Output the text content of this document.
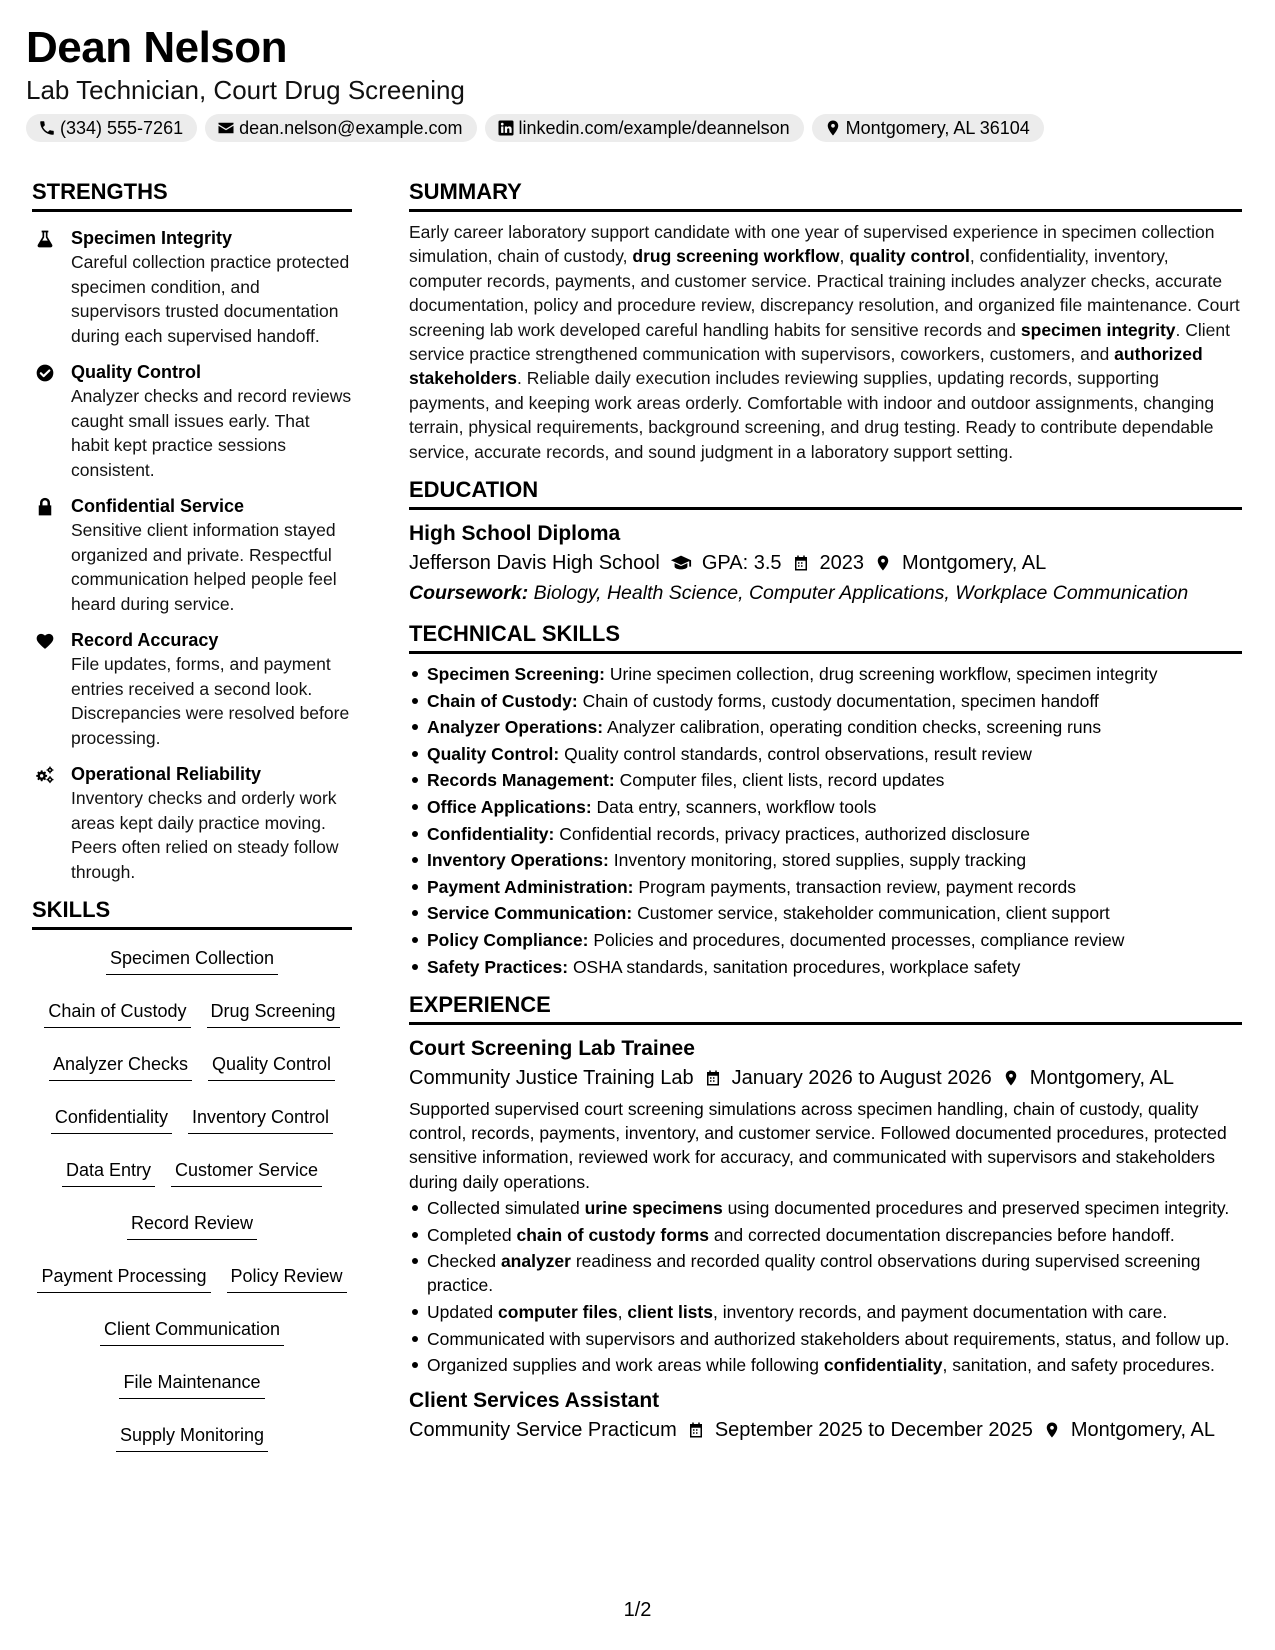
Dean Nelson
Lab Technician, Court Drug Screening
(334) 555-7261	dean.nelson@example.com	linkedin.com/example/deannelson	Montgomery, AL 36104
STRENGTHS
Specimen Integrity
Careful collection practice protected specimen condition, and supervisors trusted documentation during each supervised handoff.
Quality Control
Analyzer checks and record reviews caught small issues early. That habit kept practice sessions consistent.
Confidential Service
Sensitive client information stayed organized and private. Respectful communication helped people feel heard during service.
Record Accuracy
File updates, forms, and payment entries received a second look. Discrepancies were resolved before processing.
Operational Reliability
Inventory checks and orderly work areas kept daily practice moving. Peers often relied on steady follow through.
SKILLS
Specimen Collection
Chain of Custody Drug Screening
Analyzer Checks Quality Control
Confidentiality Inventory Control
Data Entry Customer Service
Record Review
Payment Processing Policy Review
Client Communication
File Maintenance
Supply Monitoring
SUMMARY

Early career laboratory support candidate with one year of supervised experience in specimen collection simulation, chain of custody, drug screening workflow, quality control, confidentiality, inventory, computer records, payments, and customer service. Practical training includes analyzer checks, accurate documentation, policy and procedure review, discrepancy resolution, and organized file maintenance. Court screening lab work developed careful handling habits for sensitive records and specimen integrity. Client service practice strengthened communication with supervisors, coworkers, customers, and authorized stakeholders. Reliable daily execution includes reviewing supplies, updating records, supporting payments, and keeping work areas orderly. Comfortable with indoor and outdoor assignments, changing terrain, physical requirements, background screening, and drug testing. Ready to contribute dependable service, accurate records, and sound judgment in a laboratory support setting.

EDUCATION
High School Diploma
Jefferson Davis High School GPA: 3.5 2023 Montgomery, AL
Coursework: Biology, Health Science, Computer Applications, Workplace Communication
TECHNICAL SKILLS
Specimen Screening: Urine specimen collection, drug screening workflow, specimen integrity
Chain of Custody: Chain of custody forms, custody documentation, specimen handoff
Analyzer Operations: Analyzer calibration, operating condition checks, screening runs
Quality Control: Quality control standards, control observations, result review
Records Management: Computer files, client lists, record updates
Office Applications: Data entry, scanners, workflow tools
Confidentiality: Confidential records, privacy practices, authorized disclosure
Inventory Operations: Inventory monitoring, stored supplies, supply tracking
Payment Administration: Program payments, transaction review, payment records
Service Communication: Customer service, stakeholder communication, client support
Policy Compliance: Policies and procedures, documented processes, compliance review
Safety Practices: OSHA standards, sanitation procedures, workplace safety
EXPERIENCE
Court Screening Lab Trainee
Community Justice Training Lab January 2026 to August 2026 Montgomery, AL

Supported supervised court screening simulations across specimen handling, chain of custody, quality control, records, payments, inventory, and customer service. Followed documented procedures, protected sensitive information, reviewed work for accuracy, and communicated with supervisors and stakeholders during daily operations.

Collected simulated urine specimens using documented procedures and preserved specimen integrity.
Completed chain of custody forms and corrected documentation discrepancies before handoff.
Checked analyzer readiness and recorded quality control observations during supervised screening practice.
Updated computer files, client lists, inventory records, and payment documentation with care.
Communicated with supervisors and authorized stakeholders about requirements, status, and follow up.
Organized supplies and work areas while following confidentiality, sanitation, and safety procedures.
Client Services Assistant
Community Service Practicum September 2025 to December 2025 Montgomery, AL
1/2
